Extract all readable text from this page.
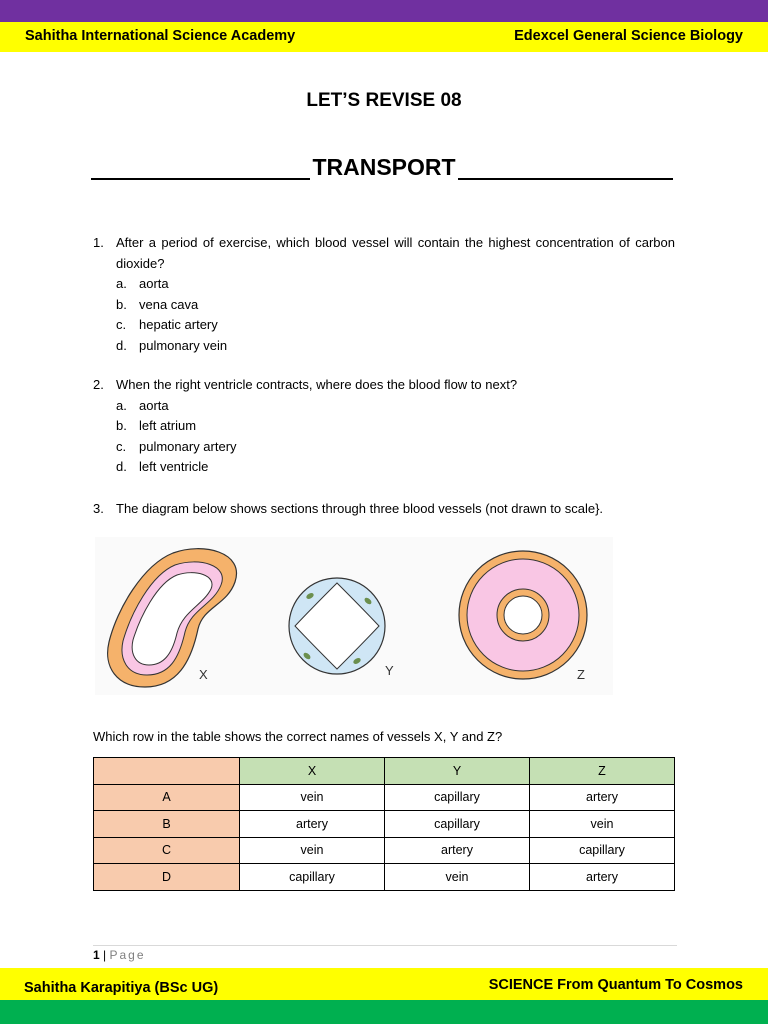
Sahitha International Science Academy	Edexcel General Science Biology
LET’S REVISE 08
TRANSPORT
1. After a period of exercise, which blood vessel will contain the highest concentration of carbon dioxide?
a. aorta
b. vena cava
c. hepatic artery
d. pulmonary vein
2. When the right ventricle contracts, where does the blood flow to next?
a. aorta
b. left atrium
c. pulmonary artery
d. left ventricle
3. The diagram below shows sections through three blood vessels (not drawn to scale}.
X	Y	Z
Which row in the table shows the correct names of vessels X, Y and Z?
	X	Y	Z
A	vein	capillary	artery
B	artery	capillary	vein
C	vein	artery	capillary
D	capillary	vein	artery
1 | Page
Sahitha Karapitiya (BSc UG)	SCIENCE From Quantum To Cosmos
